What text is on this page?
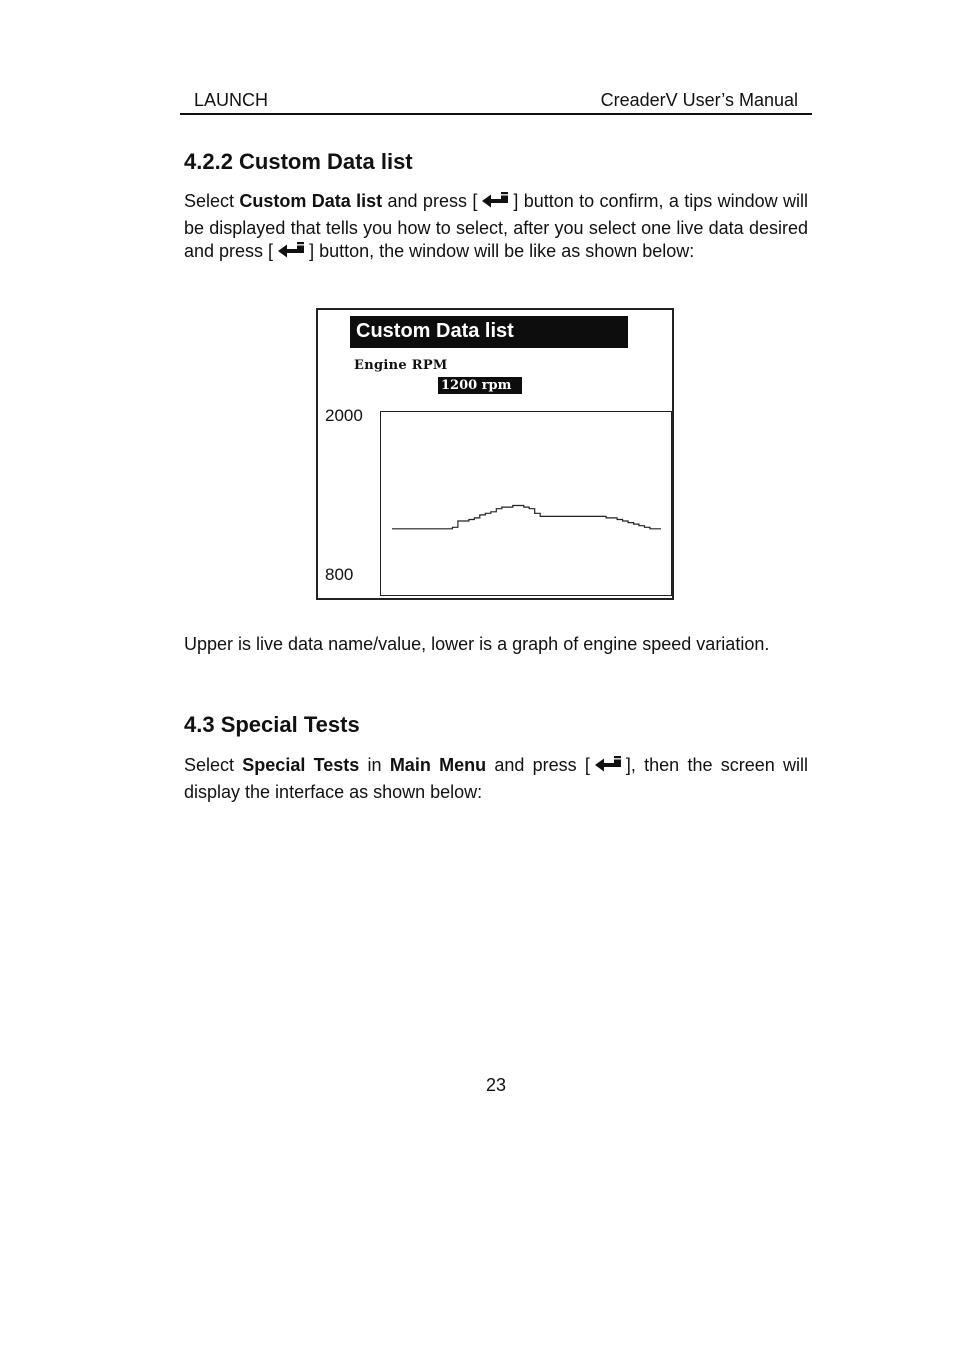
LAUNCH	CreaderV User’s Manual
4.2.2 Custom Data list

Select Custom Data list and press [ ] button to confirm, a tips window will be displayed that tells you how to select, after you select one live data desired and press [ ] button, the window will be like as shown below:

Custom Data list
Engine RPM
1200 rpm
2000
800

Upper is live data name/value, lower is a graph of engine speed variation.

4.3 Special Tests

Select Special Tests in Main Menu and press [ ], then the screen will display the interface as shown below:

23
